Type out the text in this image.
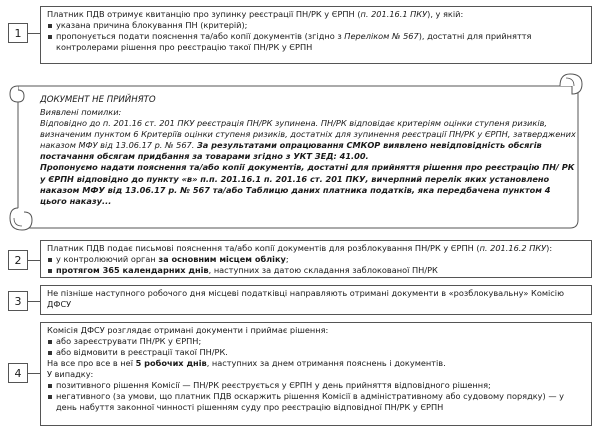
1
Платник ПДВ отримує квитанцію про зупинку реєстрації ПН/РК у ЄРПН (п. 201.16.1 ПКУ), у якій:
указана причина блокування ПН (критерій);
пропонується подати пояснення та/або копії документів (згідно з Переліком № 567), достатні для прийняття контролерами рішення про реєстрацію такої ПН/РК у ЄРПН

ДОКУМЕНТ НЕ ПРИЙНЯТО

Виявлені помилки:

Відповідно до п. 201.16 ст. 201 ПКУ реєстрація ПН/РК зупинена. ПН/РК відповідає критеріям оцінки ступеня ризиків, визначеним пунктом 6 Критеріїв оцінки ступеня ризиків, достатніх для зупинення реєстрації ПН/РК у ЄРПН, затверджених наказом МФУ від 13.06.17 р. № 567. За результатами опрацювання СМКОР виявлено невідповідність обсягів постачання обсягам придбання за товарами згідно з УКТ ЗЕД: 41.00.

Пропонуємо надати пояснення та/або копії документів, достатні для прийняття рішення про реєстрацію ПН/ РК у ЄРПН відповідно до пункту «в» п.п. 201.16.1 п. 201.16 ст. 201 ПКУ, вичерпний перелік яких установлено наказом МФУ від 13.06.17 р. № 567 та/або Таблицю даних платника податків, яка передбачена пунктом 4 цього наказу...

2
Платник ПДВ подає письмові пояснення та/або копії документів для розблокування ПН/РК у ЄРПН (п. 201.16.2 ПКУ):
у контролюючий орган за основним місцем обліку;
протягом 365 календарних днів, наступних за датою складання заблокованої ПН/РК
3
Не пізніше наступного робочого дня місцеві податківці направляють отримані документи в «розблокувальну» Комісію ДФСУ
4
Комісія ДФСУ розглядає отримані документи і приймає рішення:
або зареєструвати ПН/РК у ЄРПН;
або відмовити в реєстрації такої ПН/РК.
На все про все в неї 5 робочих днів, наступних за днем отримання пояснень і документів.
У випадку:
позитивного рішення Комісії — ПН/РК реєструється у ЄРПН у день прийняття відповідного рішення;
негативного (за умови, що платник ПДВ оскаржить рішення Комісії в адміністративному або судовому порядку) — у день набуття законної чинності рішенням суду про реєстрацію відповідної ПН/РК у ЄРПН
